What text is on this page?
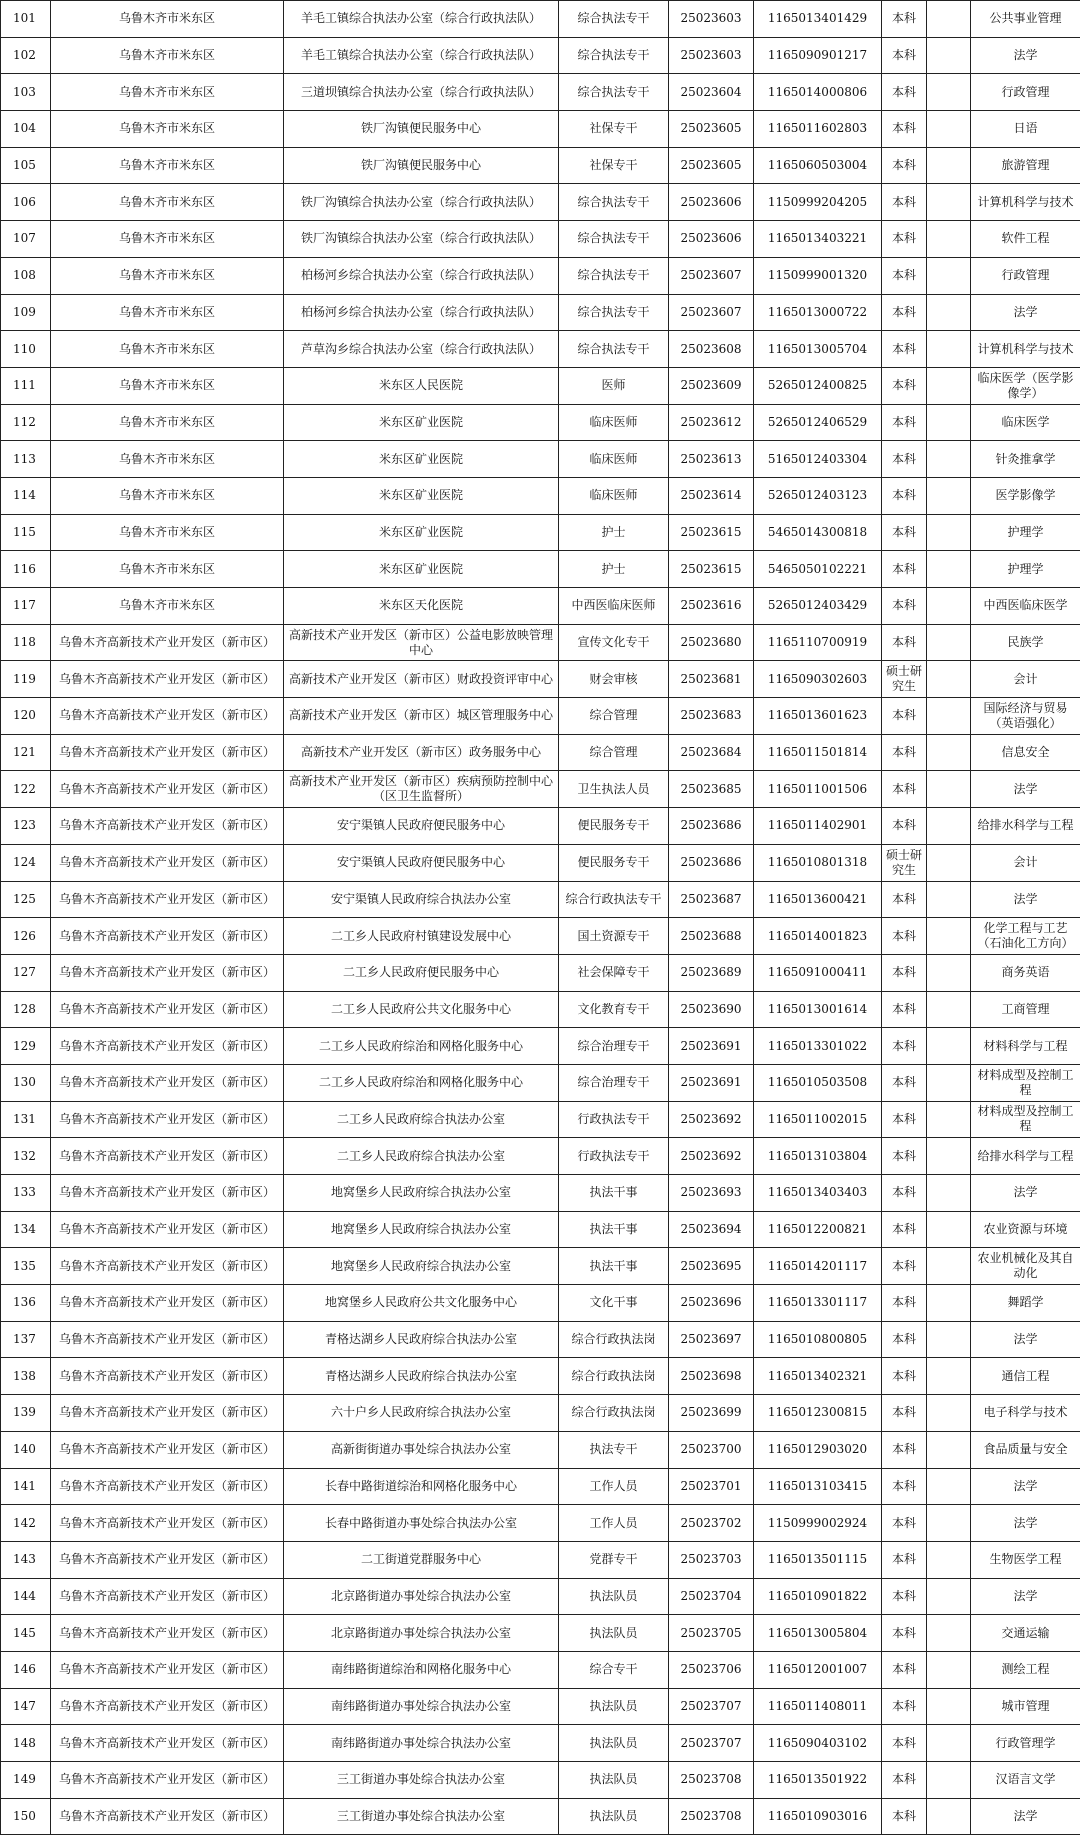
101	乌鲁木齐市米东区	羊毛工镇综合执法办公室（综合行政执法队）	综合执法专干	25023603	1165013401429	本科		公共事业管理
102	乌鲁木齐市米东区	羊毛工镇综合执法办公室（综合行政执法队）	综合执法专干	25023603	1165090901217	本科		法学
103	乌鲁木齐市米东区	三道坝镇综合执法办公室（综合行政执法队）	综合执法专干	25023604	1165014000806	本科		行政管理
104	乌鲁木齐市米东区	铁厂沟镇便民服务中心	社保专干	25023605	1165011602803	本科		日语
105	乌鲁木齐市米东区	铁厂沟镇便民服务中心	社保专干	25023605	1165060503004	本科		旅游管理
106	乌鲁木齐市米东区	铁厂沟镇综合执法办公室（综合行政执法队）	综合执法专干	25023606	1150999204205	本科		计算机科学与技术
107	乌鲁木齐市米东区	铁厂沟镇综合执法办公室（综合行政执法队）	综合执法专干	25023606	1165013403221	本科		软件工程
108	乌鲁木齐市米东区	柏杨河乡综合执法办公室（综合行政执法队）	综合执法专干	25023607	1150999001320	本科		行政管理
109	乌鲁木齐市米东区	柏杨河乡综合执法办公室（综合行政执法队）	综合执法专干	25023607	1165013000722	本科		法学
110	乌鲁木齐市米东区	芦草沟乡综合执法办公室（综合行政执法队）	综合执法专干	25023608	1165013005704	本科		计算机科学与技术
111	乌鲁木齐市米东区	米东区人民医院	医师	25023609	5265012400825	本科		临床医学（医学影像学）
112	乌鲁木齐市米东区	米东区矿业医院	临床医师	25023612	5265012406529	本科		临床医学
113	乌鲁木齐市米东区	米东区矿业医院	临床医师	25023613	5165012403304	本科		针灸推拿学
114	乌鲁木齐市米东区	米东区矿业医院	临床医师	25023614	5265012403123	本科		医学影像学
115	乌鲁木齐市米东区	米东区矿业医院	护士	25023615	5465014300818	本科		护理学
116	乌鲁木齐市米东区	米东区矿业医院	护士	25023615	5465050102221	本科		护理学
117	乌鲁木齐市米东区	米东区天化医院	中西医临床医师	25023616	5265012403429	本科		中西医临床医学
118	乌鲁木齐高新技术产业开发区（新市区）	高新技术产业开发区（新市区）公益电影放映管理中心	宣传文化专干	25023680	1165110700919	本科		民族学
119	乌鲁木齐高新技术产业开发区（新市区）	高新技术产业开发区（新市区）财政投资评审中心	财会审核	25023681	1165090302603	硕士研究生		会计
120	乌鲁木齐高新技术产业开发区（新市区）	高新技术产业开发区（新市区）城区管理服务中心	综合管理	25023683	1165013601623	本科		国际经济与贸易（英语强化）
121	乌鲁木齐高新技术产业开发区（新市区）	高新技术产业开发区（新市区）政务服务中心	综合管理	25023684	1165011501814	本科		信息安全
122	乌鲁木齐高新技术产业开发区（新市区）	高新技术产业开发区（新市区）疾病预防控制中心（区卫生监督所）	卫生执法人员	25023685	1165011001506	本科		法学
123	乌鲁木齐高新技术产业开发区（新市区）	安宁渠镇人民政府便民服务中心	便民服务专干	25023686	1165011402901	本科		给排水科学与工程
124	乌鲁木齐高新技术产业开发区（新市区）	安宁渠镇人民政府便民服务中心	便民服务专干	25023686	1165010801318	硕士研究生		会计
125	乌鲁木齐高新技术产业开发区（新市区）	安宁渠镇人民政府综合执法办公室	综合行政执法专干	25023687	1165013600421	本科		法学
126	乌鲁木齐高新技术产业开发区（新市区）	二工乡人民政府村镇建设发展中心	国土资源专干	25023688	1165014001823	本科		化学工程与工艺（石油化工方向）
127	乌鲁木齐高新技术产业开发区（新市区）	二工乡人民政府便民服务中心	社会保障专干	25023689	1165091000411	本科		商务英语
128	乌鲁木齐高新技术产业开发区（新市区）	二工乡人民政府公共文化服务中心	文化教育专干	25023690	1165013001614	本科		工商管理
129	乌鲁木齐高新技术产业开发区（新市区）	二工乡人民政府综治和网格化服务中心	综合治理专干	25023691	1165013301022	本科		材料科学与工程
130	乌鲁木齐高新技术产业开发区（新市区）	二工乡人民政府综治和网格化服务中心	综合治理专干	25023691	1165010503508	本科		材料成型及控制工程
131	乌鲁木齐高新技术产业开发区（新市区）	二工乡人民政府综合执法办公室	行政执法专干	25023692	1165011002015	本科		材料成型及控制工程
132	乌鲁木齐高新技术产业开发区（新市区）	二工乡人民政府综合执法办公室	行政执法专干	25023692	1165013103804	本科		给排水科学与工程
133	乌鲁木齐高新技术产业开发区（新市区）	地窝堡乡人民政府综合执法办公室	执法干事	25023693	1165013403403	本科		法学
134	乌鲁木齐高新技术产业开发区（新市区）	地窝堡乡人民政府综合执法办公室	执法干事	25023694	1165012200821	本科		农业资源与环境
135	乌鲁木齐高新技术产业开发区（新市区）	地窝堡乡人民政府综合执法办公室	执法干事	25023695	1165014201117	本科		农业机械化及其自动化
136	乌鲁木齐高新技术产业开发区（新市区）	地窝堡乡人民政府公共文化服务中心	文化干事	25023696	1165013301117	本科		舞蹈学
137	乌鲁木齐高新技术产业开发区（新市区）	青格达湖乡人民政府综合执法办公室	综合行政执法岗	25023697	1165010800805	本科		法学
138	乌鲁木齐高新技术产业开发区（新市区）	青格达湖乡人民政府综合执法办公室	综合行政执法岗	25023698	1165013402321	本科		通信工程
139	乌鲁木齐高新技术产业开发区（新市区）	六十户乡人民政府综合执法办公室	综合行政执法岗	25023699	1165012300815	本科		电子科学与技术
140	乌鲁木齐高新技术产业开发区（新市区）	高新街街道办事处综合执法办公室	执法专干	25023700	1165012903020	本科		食品质量与安全
141	乌鲁木齐高新技术产业开发区（新市区）	长春中路街道综治和网格化服务中心	工作人员	25023701	1165013103415	本科		法学
142	乌鲁木齐高新技术产业开发区（新市区）	长春中路街道办事处综合执法办公室	工作人员	25023702	1150999002924	本科		法学
143	乌鲁木齐高新技术产业开发区（新市区）	二工街道党群服务中心	党群专干	25023703	1165013501115	本科		生物医学工程
144	乌鲁木齐高新技术产业开发区（新市区）	北京路街道办事处综合执法办公室	执法队员	25023704	1165010901822	本科		法学
145	乌鲁木齐高新技术产业开发区（新市区）	北京路街道办事处综合执法办公室	执法队员	25023705	1165013005804	本科		交通运输
146	乌鲁木齐高新技术产业开发区（新市区）	南纬路街道综治和网格化服务中心	综合专干	25023706	1165012001007	本科		测绘工程
147	乌鲁木齐高新技术产业开发区（新市区）	南纬路街道办事处综合执法办公室	执法队员	25023707	1165011408011	本科		城市管理
148	乌鲁木齐高新技术产业开发区（新市区）	南纬路街道办事处综合执法办公室	执法队员	25023707	1165090403102	本科		行政管理学
149	乌鲁木齐高新技术产业开发区（新市区）	三工街道办事处综合执法办公室	执法队员	25023708	1165013501922	本科		汉语言文学
150	乌鲁木齐高新技术产业开发区（新市区）	三工街道办事处综合执法办公室	执法队员	25023708	1165010903016	本科		法学
